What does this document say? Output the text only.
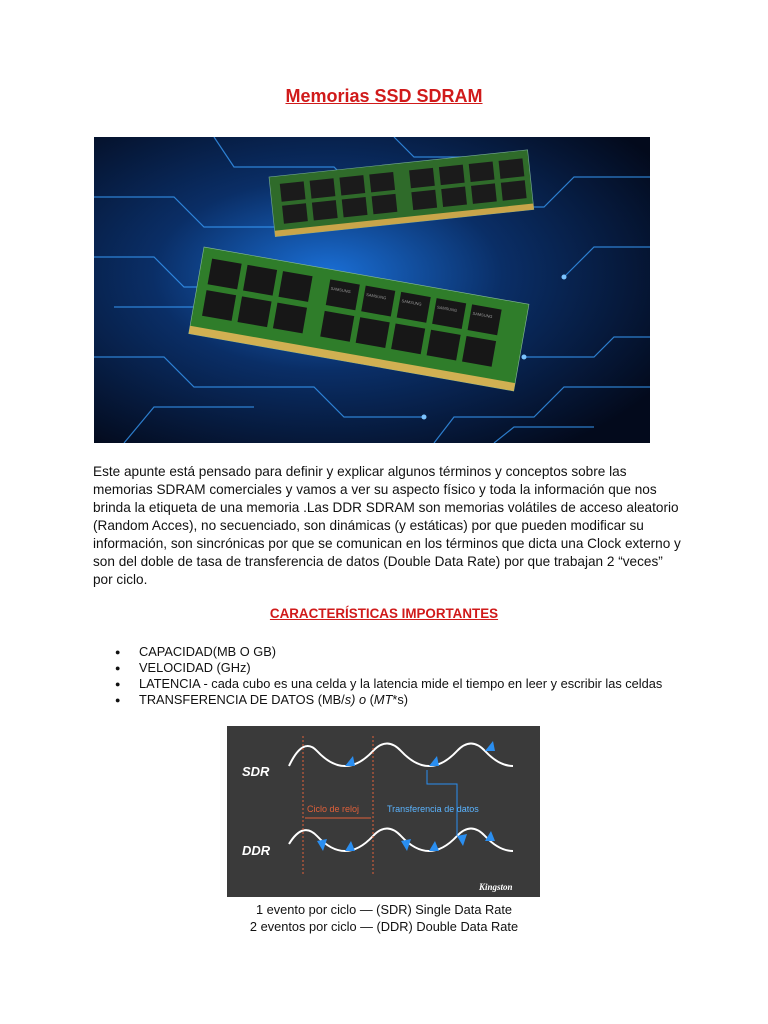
Memorias SSD SDRAM
SAMSUNG
SAMSUNG
SAMSUNG
SAMSUNG
SAMSUNG
Este apunte está pensado para definir y explicar algunos términos y conceptos sobre las memorias SDRAM comerciales y vamos a ver su aspecto físico y toda la información que nos brinda la etiqueta de una memoria .Las DDR SDRAM son memorias volátiles de acceso aleatorio (Random Acces), no secuenciado, son dinámicas (y estáticas) por que pueden modificar su información, son sincrónicas por que se comunican en los términos que dicta una Clock externo y son del doble de tasa de transferencia de datos (Double Data Rate) por que trabajan 2 “veces” por ciclo.
CARACTERÍSTICAS IMPORTANTES
● CAPACIDAD(MB O GB)
● VELOCIDAD (GHz)
● LATENCIA - cada cubo es una celda y la latencia mide el tiempo en leer y escribir las celdas
● TRANSFERENCIA DE DATOS (MB/s) o (MT*s)
SDR
DDR
Ciclo de reloj	Transferencia de datos
Kingston
1 evento por ciclo — (SDR) Single Data Rate
2 eventos por ciclo — (DDR) Double Data Rate
